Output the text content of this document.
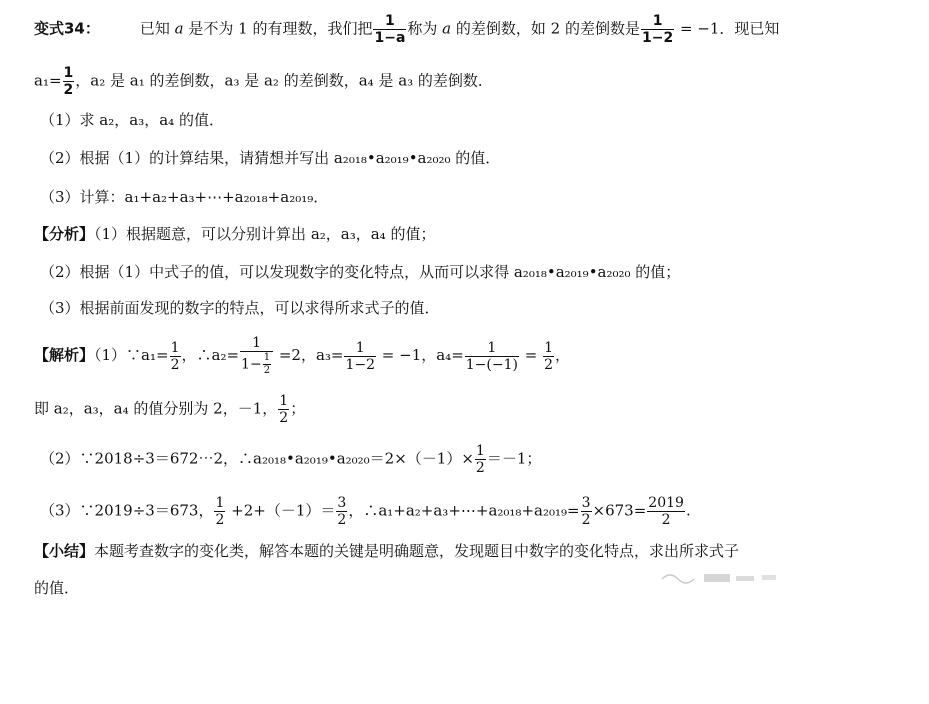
变式34：	已知 a 是不为 1 的有理数，我们把 $\frac{1}{1-a}$ 称为 a 的差倒数，如 2 的差倒数是 $\frac{1}{1-2} = -1$．现已知
$a_1= \frac{1}{2}$ ，a₂ 是 a₁ 的差倒数，a₃ 是 a₂ 的差倒数，a₄ 是 a₃ 的差倒数．
（1）求 a₂，a₃，a₄ 的值．
（2）根据（1）的计算结果，请猜想并写出 a₂₀₁₈•a₂₀₁₉•a₂₀₂₀ 的值．
（3）计算：a₁+a₂+a₃+⋯+a₂₀₁₈+a₂₀₁₉．
【分析】（1）根据题意，可以分别计算出 a₂，a₃，a₄ 的值；
（2）根据（1）中式子的值，可以发现数字的变化特点，从而可以求得 a₂₀₁₈•a₂₀₁₉•a₂₀₂₀ 的值；
（3）根据前面发现的数字的特点，可以求得所求式子的值．
【解析】（1）∵a₁= $\frac{1}{2}$ ，∴a₂= $\frac{1}{1- \frac{1}{2}} =2$，$a_3= \frac{1}{1-2} = -1$，$a_4= \frac{1}{1-(-1)} = \frac{1}{2}$ ，
即 a₂，a₃，a₄ 的值分别为 2，－1， $\frac{1}{2}$ ；
（2）∵2018÷3＝672⋯2，∴a₂₀₁₈•a₂₀₁₉•a₂₀₂₀＝2×（－1）× $\frac{1}{2} =-1$；
（3）∵2019÷3＝673， $\frac{1}{2} +2+(-1)= \frac{3}{2}$ ，∴a₁+a₂+a₃+⋯+a₂₀₁₈+a₂₀₁₉= $\frac{3}{2} \times 673= \frac{2019}{2}$ .
【小结】本题考查数字的变化类，解答本题的关键是明确题意，发现题目中数字的变化特点，求出所求式子
的值．
